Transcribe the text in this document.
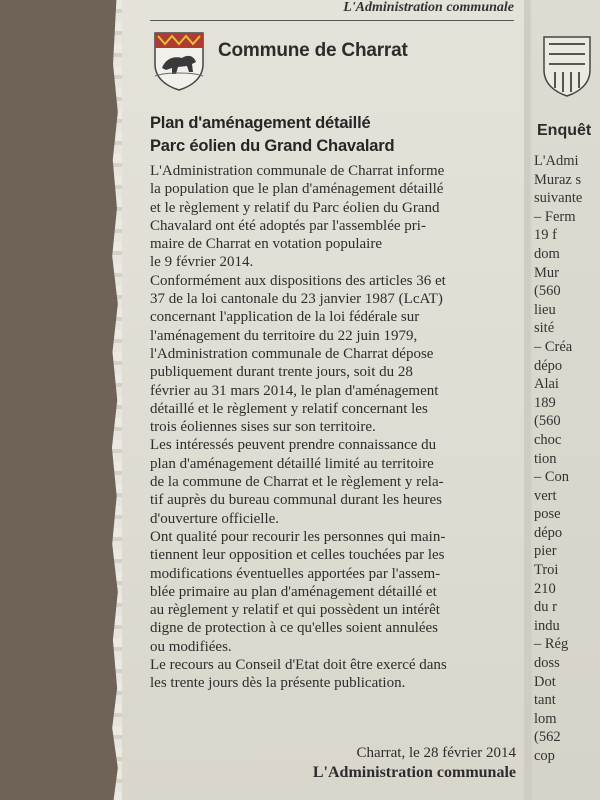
L'Administration communale
Commune de Charrat
Plan d'aménagement détaillé
Parc éolien du Grand Chavalard
L'Administration communale de Charrat informe
la population que le plan d'aménagement détaillé
et le règlement y relatif du Parc éolien du Grand
Chavalard ont été adoptés par l'assemblée pri-
maire de Charrat en votation populaire
le 9 février 2014.
Conformément aux dispositions des articles 36 et
37 de la loi cantonale du 23 janvier 1987 (LcAT)
concernant l'application de la loi fédérale sur
l'aménagement du territoire du 22 juin 1979,
l'Administration communale de Charrat dépose
publiquement durant trente jours, soit du 28
février au 31 mars 2014, le plan d'aménagement
détaillé et le règlement y relatif concernant les
trois éoliennes sises sur son territoire.
Les intéressés peuvent prendre connaissance du
plan d'aménagement détaillé limité au territoire
de la commune de Charrat et le règlement y rela-
tif auprès du bureau communal durant les heures
d'ouverture officielle.
Ont qualité pour recourir les personnes qui main-
tiennent leur opposition et celles touchées par les
modifications éventuelles apportées par l'assem-
blée primaire au plan d'aménagement détaillé et
au règlement y relatif et qui possèdent un intérêt
digne de protection à ce qu'elles soient annulées
ou modifiées.
Le recours au Conseil d'Etat doit être exercé dans
les trente jours dès la présente publication.
Charrat, le 28 février 2014
L'Administration communale
Enquêt
L'Admi
Muraz s
suivante
– Ferm
19 f
dom
Mur
(560
lieu
sité
– Créa
dépo
Alai
189
(560
choc
tion
– Con
vert
pose
dépo
pier
Troi
210
du r
indu
– Rég
doss
Dot
tant
lom
(562
cop
